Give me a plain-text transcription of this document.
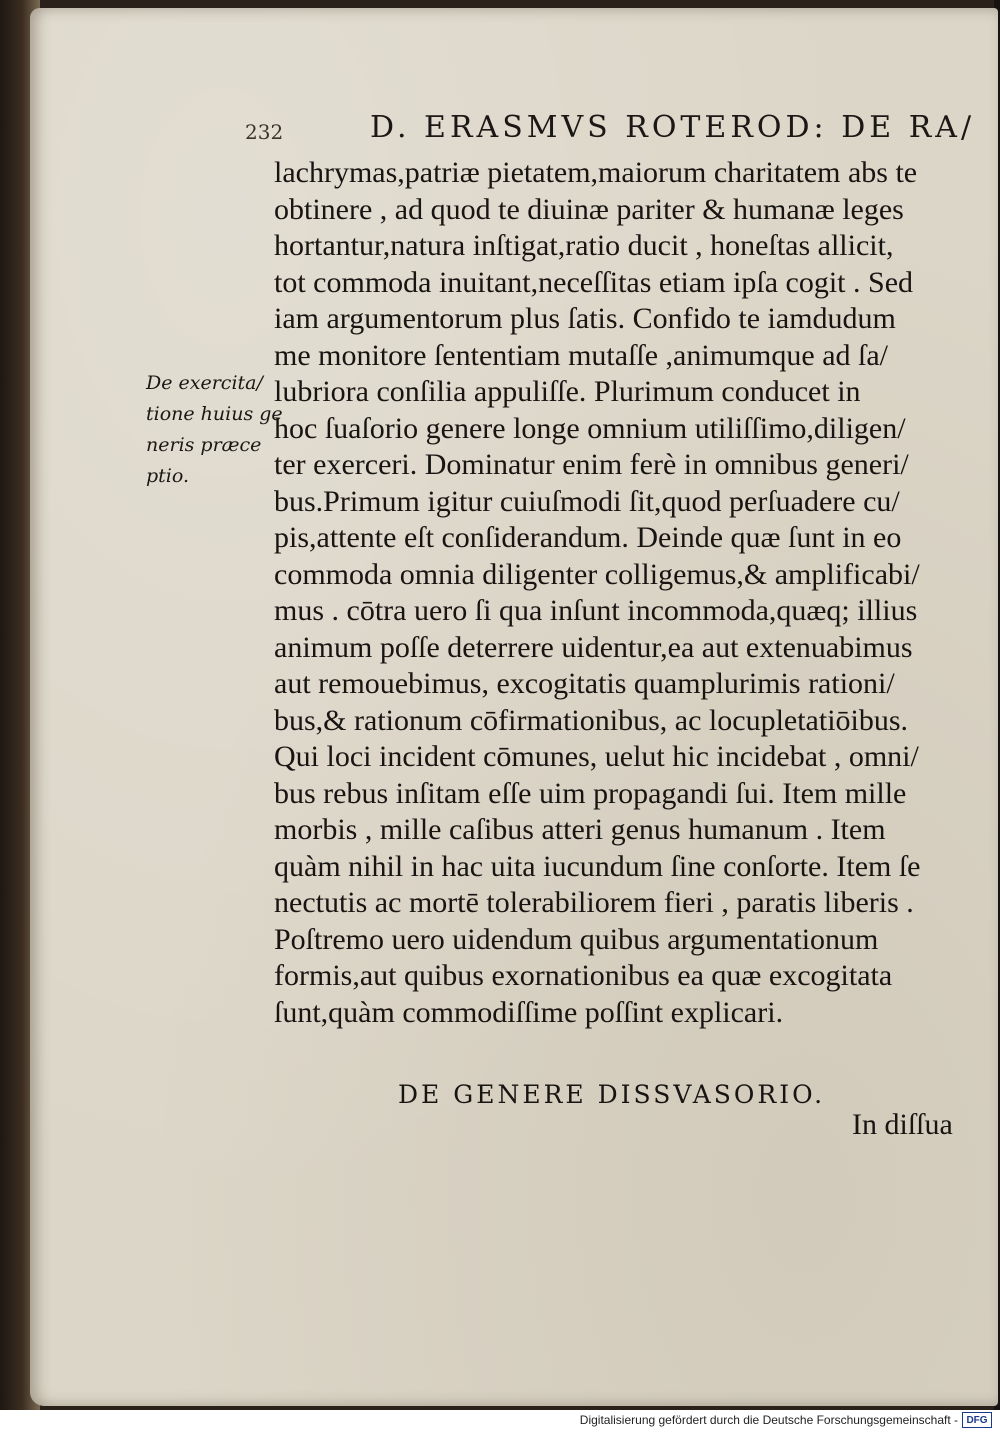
232	D. ERASMVS ROTEROD: DE RA/
De exercita/
tione huius ge
neris præce
ptio.
lachrymas,patriæ pietatem,maiorum charitatem abs te
obtinere , ad quod te diuinæ pariter & humanæ leges
hortantur,natura inſtigat,ratio ducit , honeſtas allicit,
tot commoda inuitant,neceſſitas etiam ipſa cogit . Sed
iam argumentorum plus ſatis. Confido te iamdudum
me monitore ſententiam mutaſſe ,animumque ad ſa/
lubriora conſilia appuliſſe. Plurimum conducet in
hoc ſuaſorio genere longe omnium utiliſſimo,diligen/
ter exerceri. Dominatur enim ferè in omnibus generi/
bus.Primum igitur cuiuſmodi ſit,quod perſuadere cu/
pis,attente eſt conſiderandum. Deinde quæ ſunt in eo
commoda omnia diligenter colligemus,& amplificabi/
mus . cōtra uero ſi qua inſunt incommoda,quæq; illius
animum poſſe deterrere uidentur,ea aut extenuabimus
aut remouebimus, excogitatis quamplurimis rationi/
bus,& rationum cōfirmationibus, ac locupletatiōibus.
Qui loci incident cōmunes, uelut hic incidebat , omni/
bus rebus inſitam eſſe uim propagandi ſui. Item mille
morbis , mille caſibus atteri genus humanum . Item
quàm nihil in hac uita iucundum ſine conſorte. Item ſe
nectutis ac mortē tolerabiliorem fieri , paratis liberis .
Poſtremo uero uidendum quibus argumentationum
formis,aut quibus exornationibus ea quæ excogitata
ſunt,quàm commodiſſime poſſint explicari.
DE GENERE DISSVASORIO.
In diſſua
Digitalisierung gefördert durch die Deutsche Forschungsgemeinschaft - DFG
